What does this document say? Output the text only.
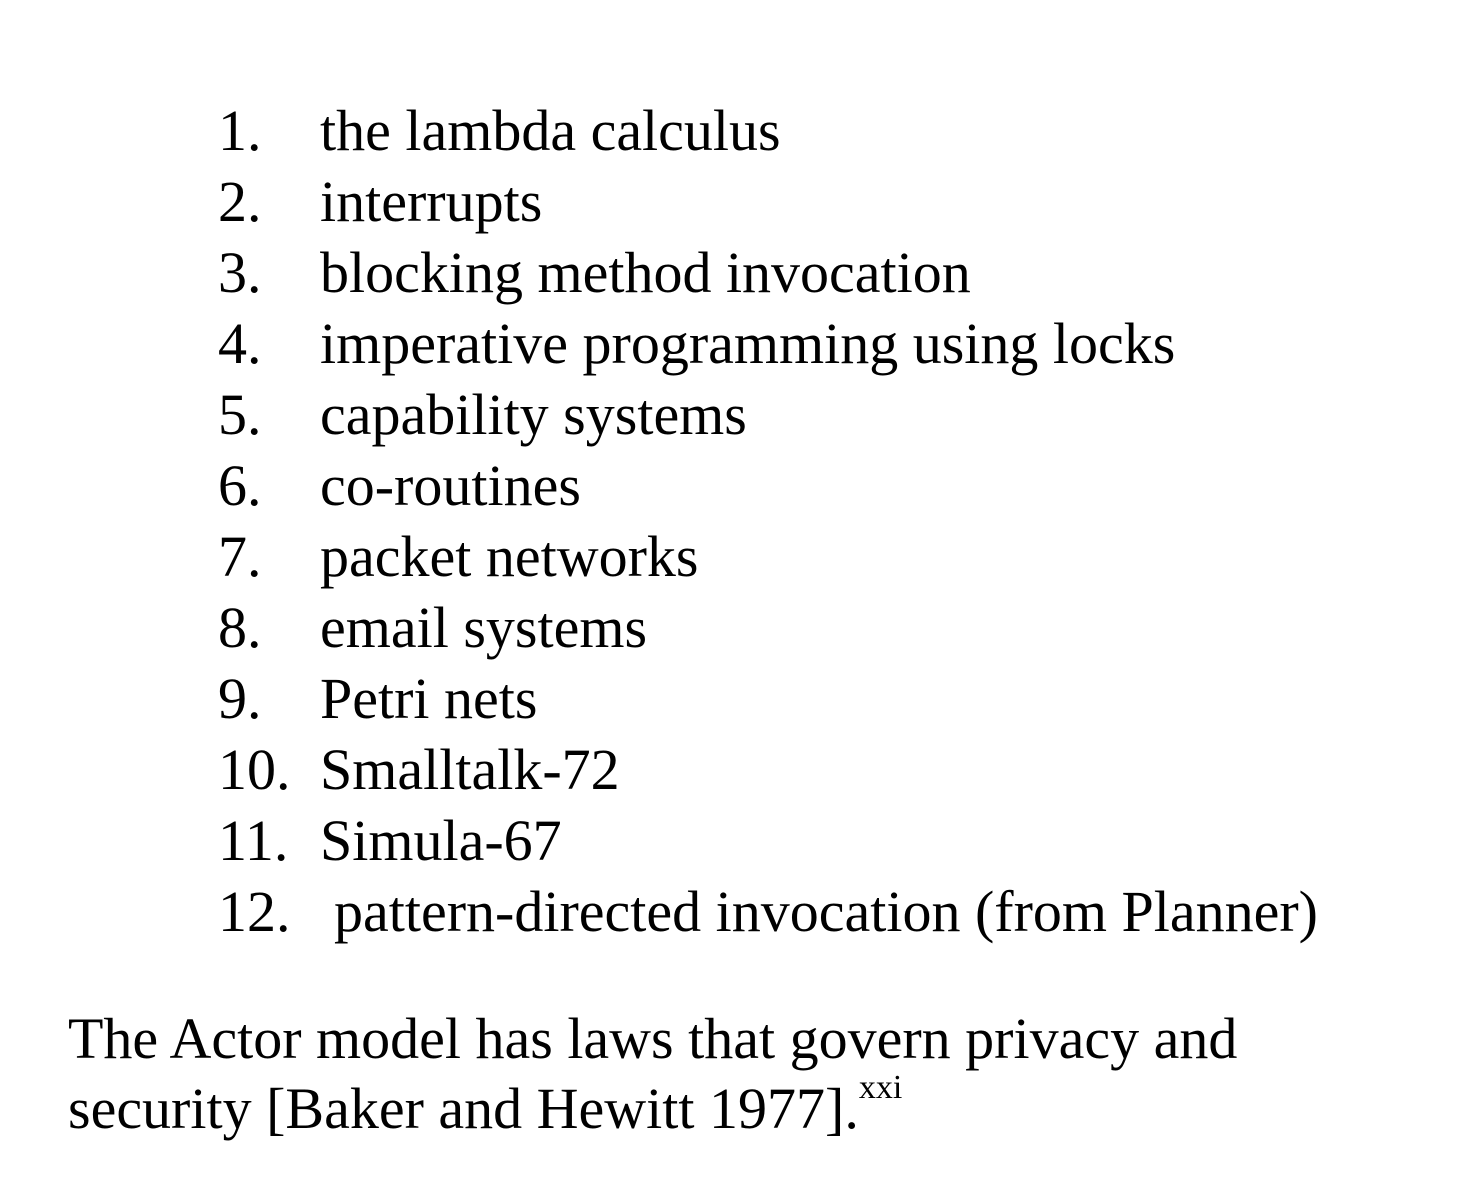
1. the lambda calculus
2. interrupts
3. blocking method invocation
4. imperative programming using locks
5. capability systems
6. co-routines
7. packet networks
8. email systems
9. Petri nets
10. Smalltalk-72
11. Simula-67
12. pattern-directed invocation (from Planner)

The Actor model has laws that govern privacy and
security [Baker and Hewitt 1977].$^{xxi}$
